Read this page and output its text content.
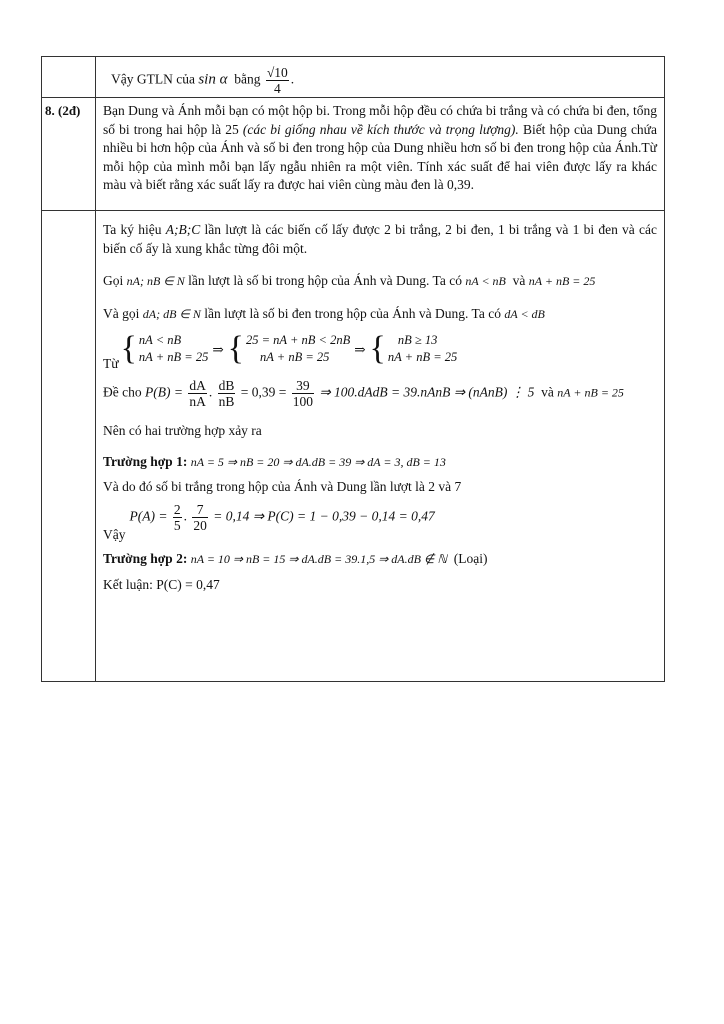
Vậy GTLN của sin α bằng $\frac{√10}{4}$ .

8. (2đ)	Bạn Dung và Ánh mỗi bạn có một hộp bi. Trong mỗi hộp đều có chứa bi trắng và có chứa bi đen, tổng số bi trong hai hộp là 25 (các bi giống nhau về kích thước và trọng lượng). Biết hộp của Dung chứa nhiều bi hơn hộp của Ánh và số bi đen trong hộp của Dung nhiều hơn số bi đen trong hộp của Ánh.Từ mỗi hộp của mình mỗi bạn lấy ngẫu nhiên ra một viên. Tính xác suất để hai viên được lấy ra khác màu và biết rằng xác suất lấy ra được hai viên cùng màu đen là 0,39.

Ta ký hiệu A;B;C lần lượt là các biến cố lấy được 2 bi trắng, 2 bi đen, 1 bi trắng và 1 bi đen và các biến cố ấy là xung khắc từng đôi một.

Gọi nA; nB ∈ N lần lượt là số bi trong hộp của Ánh và Dung. Ta có nA < nB và nA + nB = 25

Và gọi dA; dB ∈ N lần lượt là số bi đen trong hộp của Ánh và Dung. Ta có dA < dB

Từ { nA < nB
nA + nB = 25 ⇒ { 25 = nA + nB < 2nB
nA + nB = 25	⇒ { nB ≥ 13
nA + nB = 25

Đề cho $P(B) = \frac{dA}{nA}$ . $\frac{dB}{nB} = 0,39 = \frac{39}{100}$ ⇒ 100.dAdB = 39.nAnB ⇒ (nAnB) ⋮ 5 và nA + nB = 25

Nên có hai trường hợp xảy ra

Trường hợp 1: nA = 5 ⇒ nB = 20 ⇒ dA.dB = 39 ⇒ dA = 3, dB = 13

Và do đó số bi trắng trong hộp của Ánh và Dung lần lượt là 2 và 7

Vậy
$P(A) = \frac{2}{5}$ . $\frac{7}{20} = 0,14$ ⇒ P(C) = 1 − 0,39 − 0,14 = 0,47

Trường hợp 2: nA = 10 ⇒ nB = 15 ⇒ dA.dB = 39.1,5 ⇒ dA.dB ∉ ℕ (Loại)

Kết luận: P(C) = 0,47
